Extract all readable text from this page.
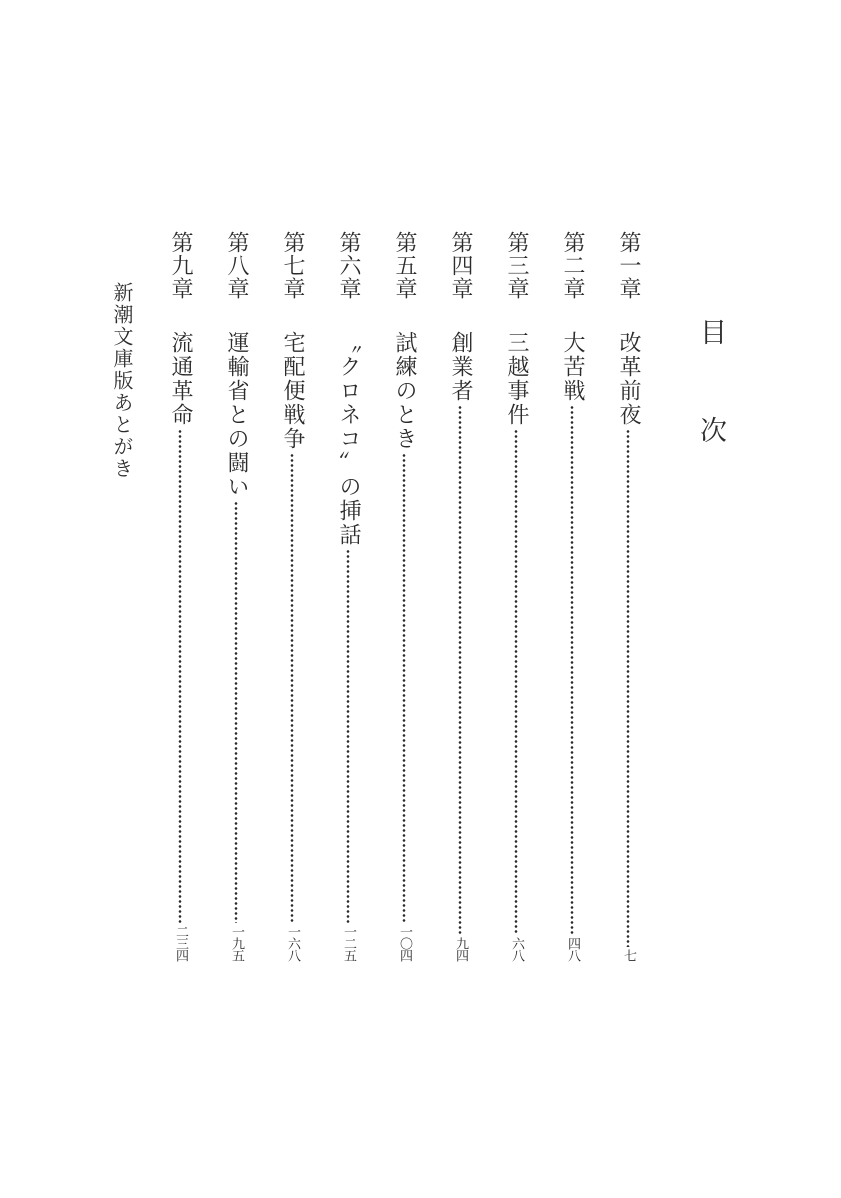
目　次
第一章
改革前夜
七
第二章
大苦戦
四八
第三章
三越事件
六八
第四章
創業者
九四
第五章
試練のとき
一〇四
第六章
〝クロネコ〟の挿話
一二五
第七章
宅配便戦争
一六八
第八章
運輸省との闘い
一九五
第九章
流通革命
二三四
新潮文庫版あとがき
